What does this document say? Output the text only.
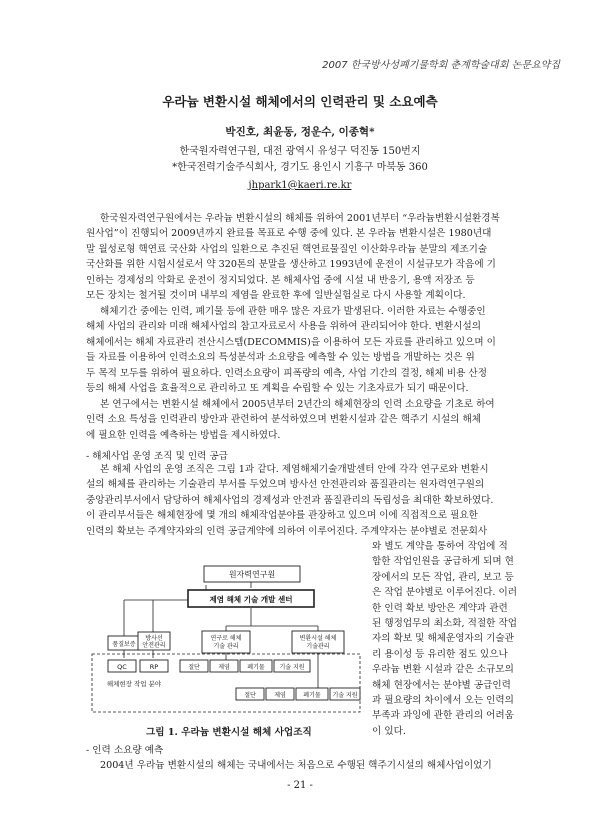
2007 한국방사성폐기물학회 춘계학술대회 논문요약집
우라늄 변환시설 해체에서의 인력관리 및 소요예측
박진호, 최윤동, 정운수, 이종혁*
한국원자력연구원, 대전 광역시 유성구 덕진동 150번지
*한국전력기술주식회사, 경기도 용인시 기흥구 마북동 360
jhpark1@kaeri.re.kr
한국원자력연구원에서는 우라늄 변환시설의 해체를 위하여 2001년부터 “우라늄변환시설환경복
원사업”이 진행되어 2009년까지 완료를 목표로 수행 중에 있다. 본 우라늄 변환시설은 1980년대
말 월성로형 핵연료 국산화 사업의 일환으로 추진된 핵연료물질인 이산화우라늄 분말의 제조기술
국산화를 위한 시험시설로서 약 320톤의 분말을 생산하고 1993년에 운전이 시설규모가 작음에 기
인하는 경제성의 악화로 운전이 정지되었다. 본 해체사업 중에 시설 내 반응기, 용액 저장조 등
모든 장치는 철거될 것이며 내부의 제염을 완료한 후에 일반실험실로 다시 사용할 계획이다.
해체기간 중에는 인력, 폐기물 등에 관한 매우 많은 자료가 발생된다. 이러한 자료는 수행중인
해체 사업의 관리와 미래 해체사업의 참고자료로서 사용을 위하여 관리되어야 한다. 변환시설의
해체에서는 해체 자료관리 전산시스템(DECOMMIS)을 이용하여 모든 자료를 관리하고 있으며 이
들 자료를 이용하여 인력소요의 특성분석과 소요량을 예측할 수 있는 방법을 개발하는 것은 위
두 목적 모두를 위하여 필요하다. 인력소요량이 피폭량의 예측, 사업 기간의 결정, 해체 비용 산정
등의 해체 사업을 효율적으로 관리하고 또 계획을 수립할 수 있는 기초자료가 되기 때문이다.
본 연구에서는 변환시설 해체에서 2005년부터 2년간의 해체현장의 인력 소요량을 기초로 하여
인력 소요 특성을 인력관리 방안과 관련하여 분석하였으며 변환시설과 같은 핵주기 시설의 해체
에 필요한 인력을 예측하는 방법을 제시하였다.
- 해체사업 운영 조직 및 인력 공급
본 해체 사업의 운영 조직은 그림 1과 같다. 제염해체기술개발센터 안에 각각 연구로와 변환시
설의 해체를 관리하는 기술관리 부서를 두었으며 방사선 안전관리와 품질관리는 원자력연구원의
중앙관리부서에서 담당하여 해체사업의 경제성과 안전과 품질관리의 독립성을 최대한 확보하였다.
이 관리부서들은 해체현장에 몇 개의 해체작업분야를 관장하고 있으며 이에 직접적으로 필요한
인력의 확보는 주계약자와의 인력 공급계약에 의하여 이루어진다. 주계약자는 분야별로 전문회사
와 별도 계약을 통하여 작업에 적
합한 작업인원을 공급하게 되며 현
장에서의 모든 작업, 관리, 보고 등
은 작업 분야별로 이루어진다. 이러
한 인력 확보 방안은 계약과 관련
된 행정업무의 최소화, 적절한 작업
자의 확보 및 해체운영자의 기술관
리 용이성 등 유리한 점도 있으나
우라늄 변환 시설과 같은 소규모의
해체 현장에서는 분야별 공급인력
과 필요량의 차이에서 오는 인력의
부족과 과잉에 관한 관리의 어려움
이 있다.
원자력연구원
제염 해체 기술 개발 센터
품질보증
방사선
안전관리
연구로 해체
기술 관리
변환시설 해체
기술관리
QC	RP	절단	제염	폐기물 기술 지원
해체현장 작업 분야
절단	제염	폐기물 기술 지원
그림 1. 우라늄 변환시설 해체 사업조직
- 인력 소요량 예측
2004년 우라늄 변환시설의 해체는 국내에서는 처음으로 수행된 핵주기시설의 해체사업이었기
- 21 -
